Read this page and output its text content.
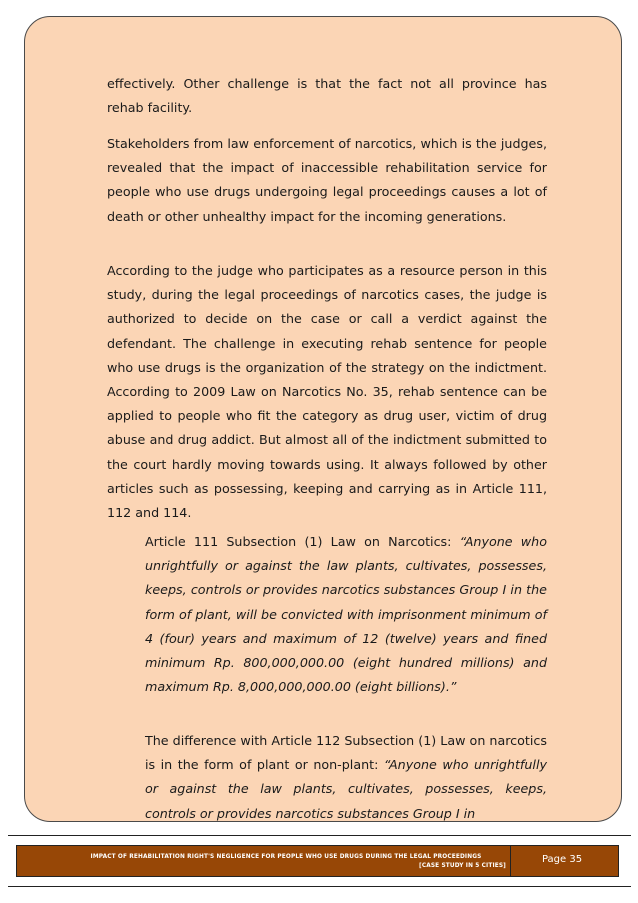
effectively. Other challenge is that the fact not all province has rehab facility.

Stakeholders from law enforcement of narcotics, which is the judges, revealed that the impact of inaccessible rehabilitation service for people who use drugs undergoing legal proceedings causes a lot of death or other unhealthy impact for the incoming generations.

According to the judge who participates as a resource person in this study, during the legal proceedings of narcotics cases, the judge is authorized to decide on the case or call a verdict against the defendant. The challenge in executing rehab sentence for people who use drugs is the organization of the strategy on the indictment. According to 2009 Law on Narcotics No. 35, rehab sentence can be applied to people who fit the category as drug user, victim of drug abuse and drug addict. But almost all of the indictment submitted to the court hardly moving towards using. It always followed by other articles such as possessing, keeping and carrying as in Article 111, 112 and 114.

Article 111 Subsection (1) Law on Narcotics: “Anyone who unrightfully or against the law plants, cultivates, possesses, keeps, controls or provides narcotics substances Group I in the form of plant, will be convicted with imprisonment minimum of 4 (four) years and maximum of 12 (twelve) years and fined minimum Rp. 800,000,000.00 (eight hundred millions) and maximum Rp. 8,000,000,000.00 (eight billions).”

The difference with Article 112 Subsection (1) Law on narcotics is in the form of plant or non-plant: “Anyone who unrightfully or against the law plants, cultivates, possesses, keeps, controls or provides narcotics substances Group I in

IMPACT OF REHABILITATION RIGHT'S NEGLIGENCE FOR PEOPLE WHO USE DRUGS DURING THE LEGAL PROCEEDINGS
[CASE STUDY IN 5 CITIES]
Page 35
